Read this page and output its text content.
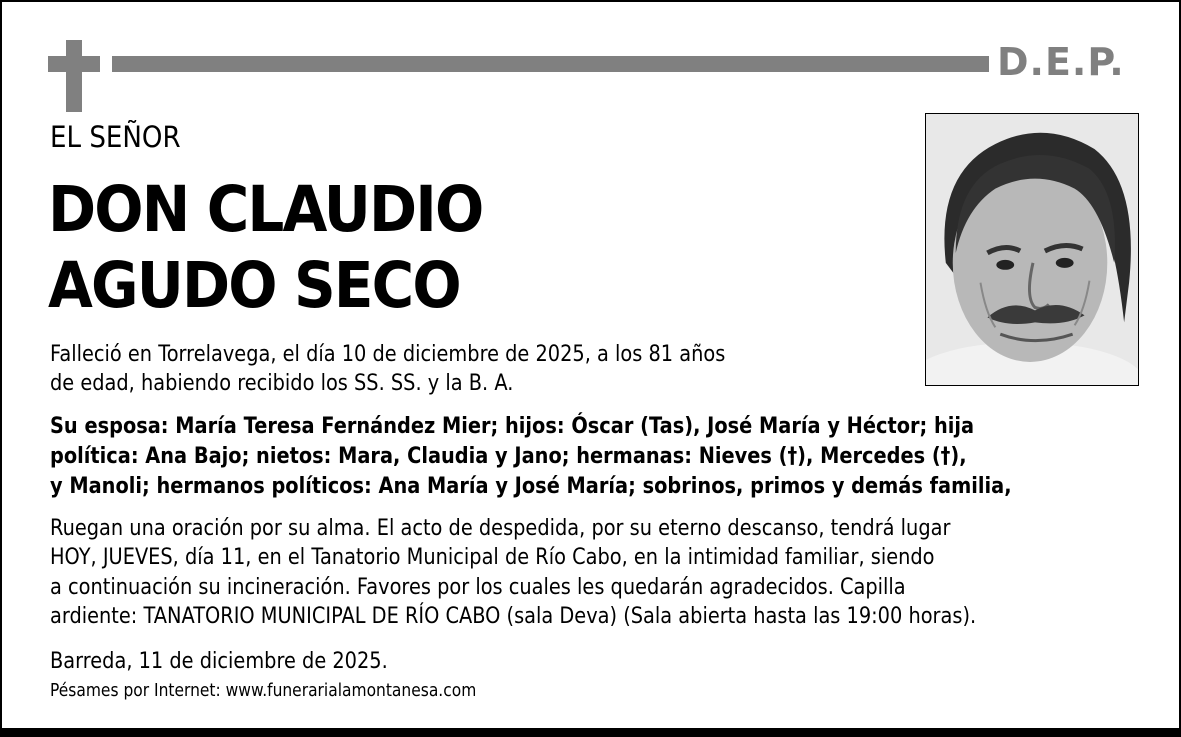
D.E.P.
EL SEÑOR
DON CLAUDIO
AGUDO SECO
Falleció en Torrelavega, el día 10 de diciembre de 2025, a los 81 años
de edad, habiendo recibido los SS. SS. y la B. A.
Su esposa: María Teresa Fernández Mier; hijos: Óscar (Tas), José María y Héctor; hija
política: Ana Bajo; nietos: Mara, Claudia y Jano; hermanas: Nieves (†), Mercedes (†),
y Manoli; hermanos políticos: Ana María y José María; sobrinos, primos y demás familia,
Ruegan una oración por su alma. El acto de despedida, por su eterno descanso, tendrá lugar
HOY, JUEVES, día 11, en el Tanatorio Municipal de Río Cabo, en la intimidad familiar, siendo
a continuación su incineración. Favores por los cuales les quedarán agradecidos. Capilla
ardiente: TANATORIO MUNICIPAL DE RÍO CABO (sala Deva) (Sala abierta hasta las 19:00 horas).
Barreda, 11 de diciembre de 2025.
Pésames por Internet: www.funerarialamontanesa.com
